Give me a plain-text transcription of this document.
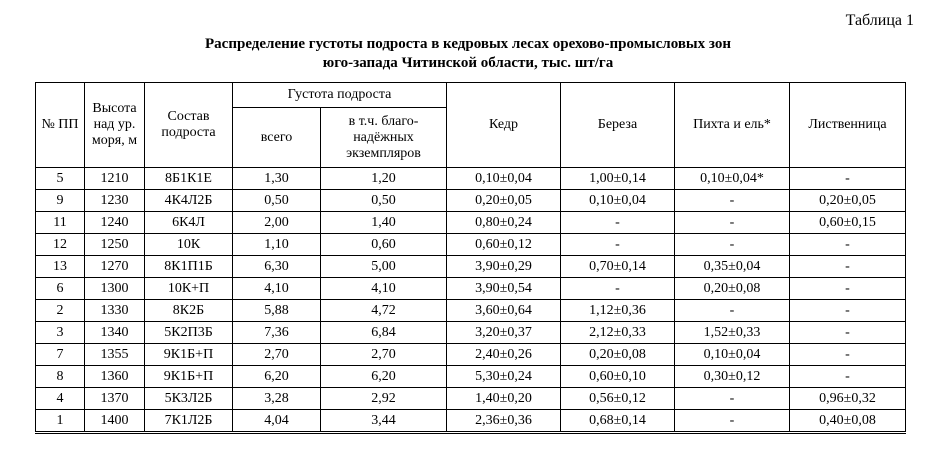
Таблица 1
Распределение густоты подроста в кедровых лесах орехово-промысловых зон
юго-запада Читинской области, тыс. шт/га
№ ПП	Высота над ур. моря, м	Состав подроста	Густота подроста		Кедр	Береза	Пихта и ель*	Лиственница
			всего	в т.ч. благо-надёжных экземпляров				
5	1210	8Б1К1Е	1,30	1,20	0,10±0,04	1,00±0,14	0,10±0,04*	-
9	1230	4К4Л2Б	0,50	0,50	0,20±0,05	0,10±0,04	-	0,20±0,05
11	1240	6К4Л	2,00	1,40	0,80±0,24	-	-	0,60±0,15
12	1250	10К	1,10	0,60	0,60±0,12	-	-	-
13	1270	8К1П1Б	6,30	5,00	3,90±0,29	0,70±0,14	0,35±0,04	-
6	1300	10К+П	4,10	4,10	3,90±0,54	-	0,20±0,08	-
2	1330	8К2Б	5,88	4,72	3,60±0,64	1,12±0,36	-	-
3	1340	5К2П3Б	7,36	6,84	3,20±0,37	2,12±0,33	1,52±0,33	-
7	1355	9К1Б+П	2,70	2,70	2,40±0,26	0,20±0,08	0,10±0,04	-
8	1360	9К1Б+П	6,20	6,20	5,30±0,24	0,60±0,10	0,30±0,12	-
4	1370	5К3Л2Б	3,28	2,92	1,40±0,20	0,56±0,12	-	0,96±0,32
1	1400	7К1Л2Б	4,04	3,44	2,36±0,36	0,68±0,14	-	0,40±0,08
